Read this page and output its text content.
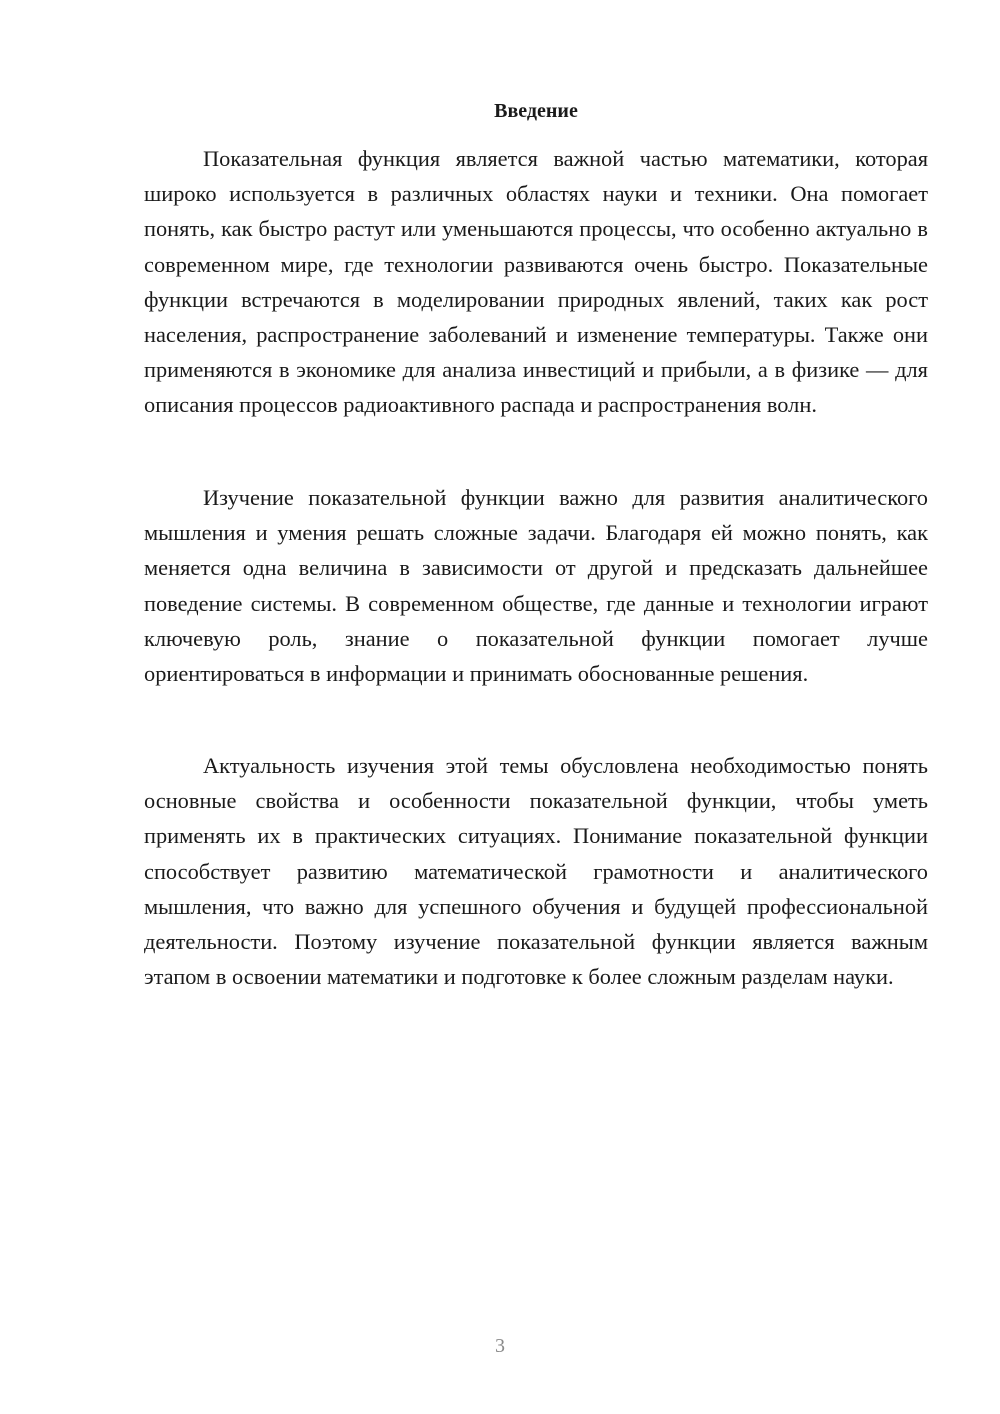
Введение

Показательная функция является важной частью математики, которая широко используется в различных областях науки и техники. Она помогает понять, как быстро растут или уменьшаются процессы, что особенно актуально в современном мире, где технологии развиваются очень быстро. Показательные функции встречаются в моделировании природных явлений, таких как рост населения, распространение заболеваний и изменение температуры. Также они применяются в экономике для анализа инвестиций и прибыли, а в физике — для описания процессов радиоактивного распада и распространения волн.

Изучение показательной функции важно для развития аналитического мышления и умения решать сложные задачи. Благодаря ей можно понять, как меняется одна величина в зависимости от другой и предсказать дальнейшее поведение системы. В современном обществе, где данные и технологии играют ключевую роль, знание о показательной функции помогает лучше ориентироваться в информации и принимать обоснованные решения.

Актуальность изучения этой темы обусловлена необходимостью понять основные свойства и особенности показательной функции, чтобы уметь применять их в практических ситуациях. Понимание показательной функции способствует развитию математической грамотности и аналитического мышления, что важно для успешного обучения и будущей профессиональной деятельности. Поэтому изучение показательной функции является важным этапом в освоении математики и подготовке к более сложным разделам науки.

3
